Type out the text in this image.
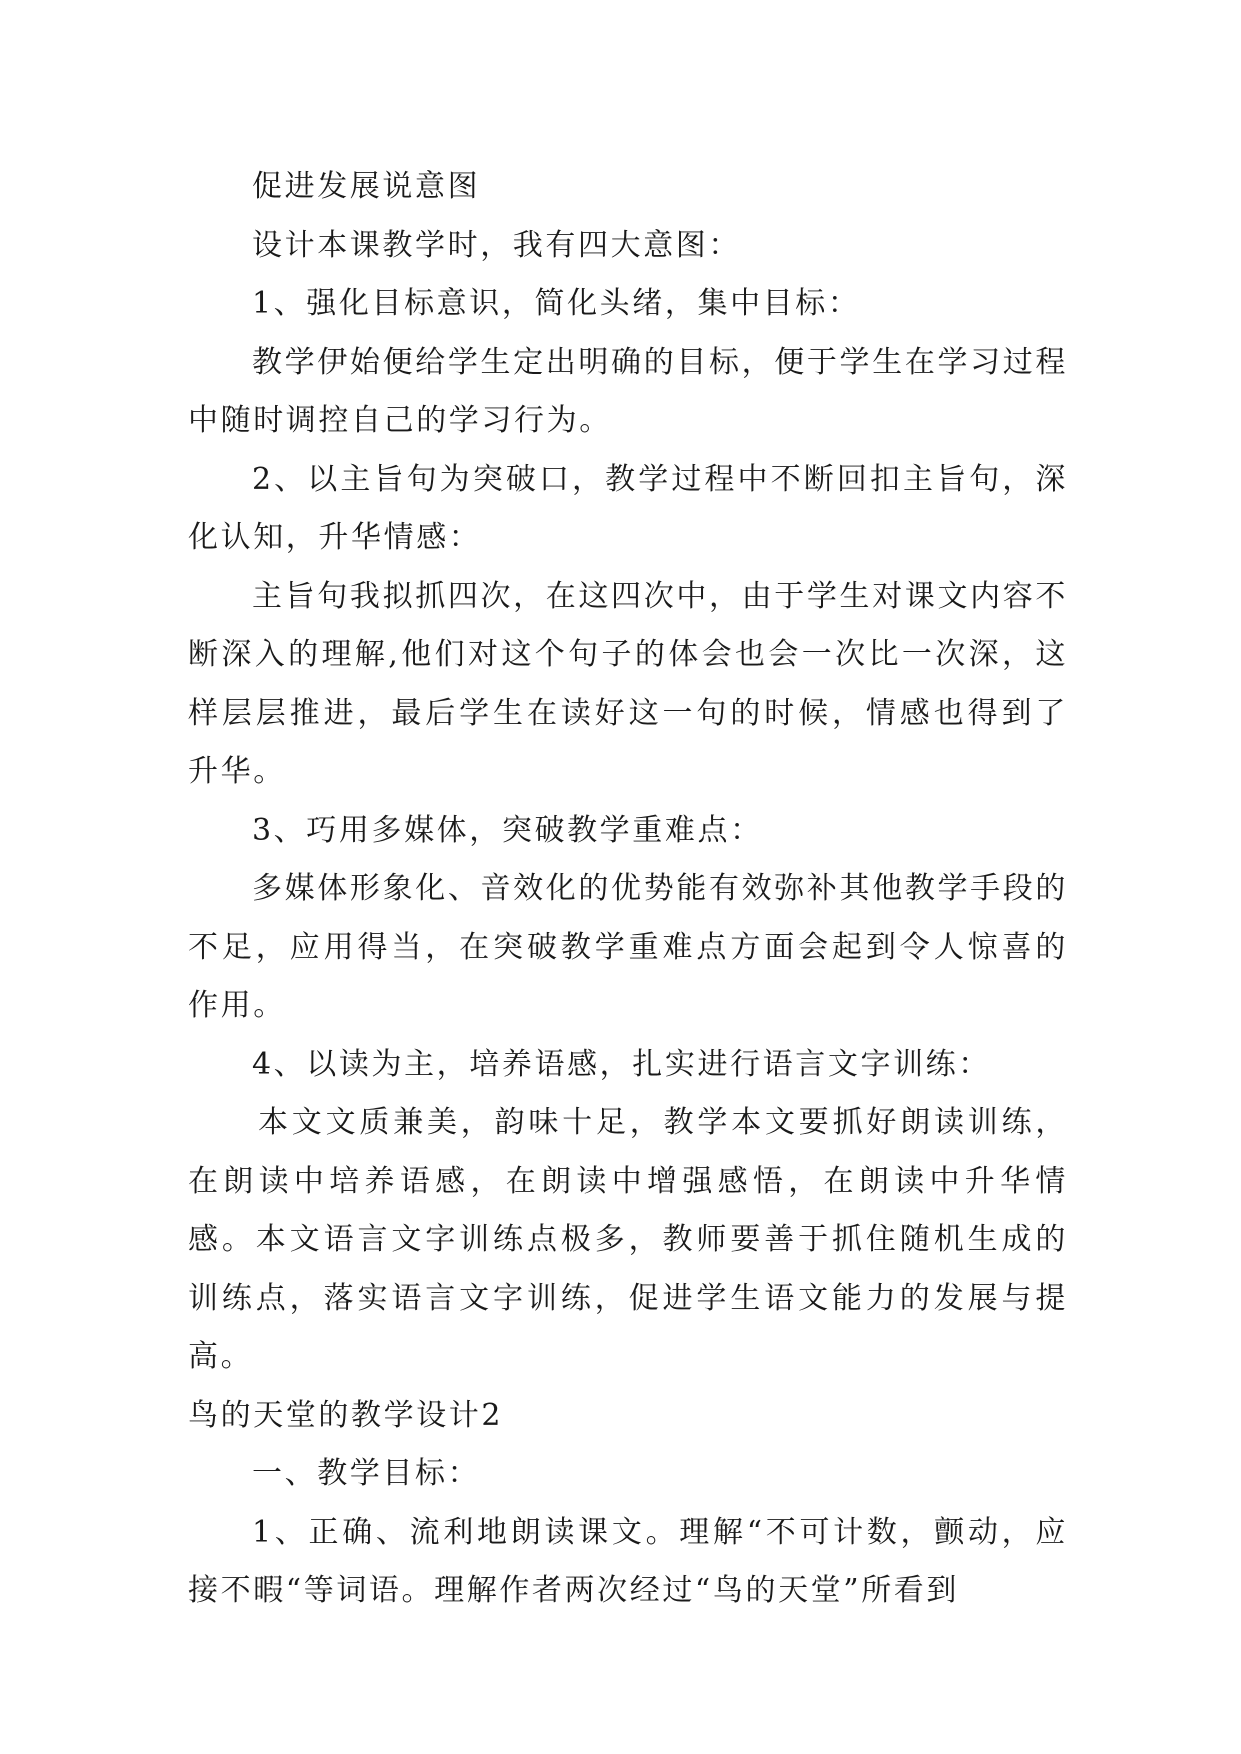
促进发展说意图

设计本课教学时，我有四大意图：

1、强化目标意识，简化头绪，集中目标：

教学伊始便给学生定出明确的目标，便于学生在学习过程中随时调控自己的学习行为。

2、以主旨句为突破口，教学过程中不断回扣主旨句，深化认知，升华情感：

主旨句我拟抓四次，在这四次中，由于学生对课文内容不断深入的理解,他们对这个句子的体会也会一次比一次深，这样层层推进，最后学生在读好这一句的时候，情感也得到了升华。

3、巧用多媒体，突破教学重难点：

多媒体形象化、音效化的优势能有效弥补其他教学手段的不足，应用得当，在突破教学重难点方面会起到令人惊喜的作用。

4、以读为主，培养语感，扎实进行语言文字训练：

本文文质兼美，韵味十足，教学本文要抓好朗读训练，在朗读中培养语感，在朗读中增强感悟，在朗读中升华情感。本文语言文字训练点极多，教师要善于抓住随机生成的训练点，落实语言文字训练，促进学生语文能力的发展与提高。

鸟的天堂的教学设计2

一、教学目标：

1、正确、流利地朗读课文。理解“不可计数，颤动，应接不暇“等词语。理解作者两次经过“鸟的天堂”所看到
